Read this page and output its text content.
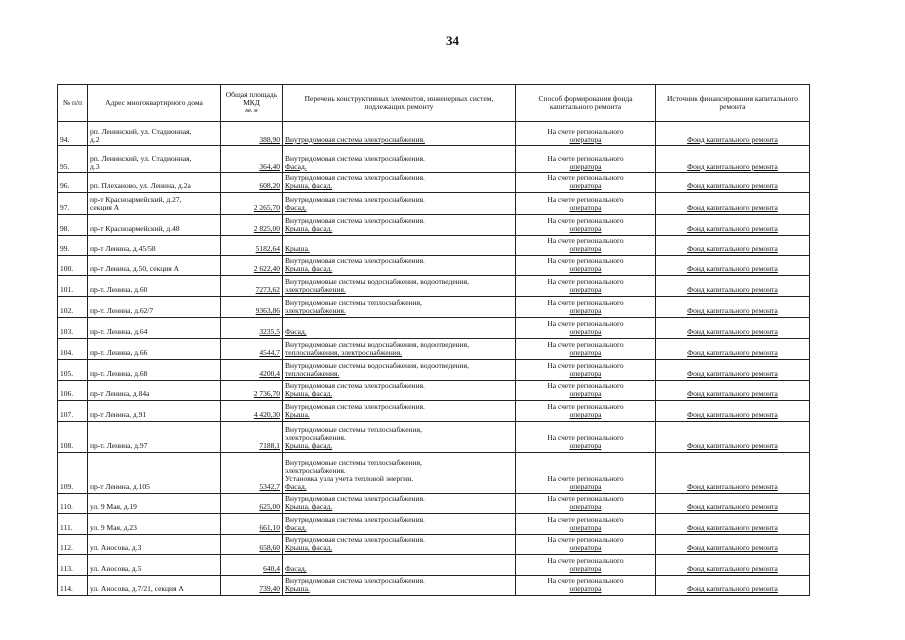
34
№ п/п	Адрес многоквартирного дома	Общая площадь МКД
кв. м	Перечень конструктивных элементов, инженерных систем, подлежащих ремонту	Способ формирования фонда капитального ремонта	Источник финансирования капитального ремонта
94.	рп. Ленинский, ул. Стадионная,
д.2	388,90	Внутридомовая система электроснабжения.	На счете регионального
оператора	Фонд капитального ремонта
95.	рп. Ленинский, ул. Стадионная,
д.3	364,40	Внутридомовая система электроснабжения.
Фасад.	На счете регионального
оператора	Фонд капитального ремонта
96.	рп. Плеханово, ул. Ленина, д.2а	608,20	Внутридомовая система электроснабжения.
Крыша, фасад.	На счете регионального
оператора	Фонд капитального ремонта
97.	пр-т Красноармейский, д.27,
секция А	2 265,70	Внутридомовая система электроснабжения.
Фасад.	На счете регионального
оператора	Фонд капитального ремонта
98.	пр-т Красноармейский, д.48	2 825,00	Внутридомовая система электроснабжения.
Крыша, фасад.	На счете регионального
оператора	Фонд капитального ремонта
99.	пр-т Ленина, д.45/58	5182,64	Крыша.	На счете регионального
оператора	Фонд капитального ремонта
100.	пр-т Ленина, д.50, секция А	2 622,40	Внутридомовая система электроснабжения.
Крыша, фасад.	На счете регионального
оператора	Фонд капитального ремонта
101.	пр-т. Ленина, д.60	7273,62	Внутридомовые системы водоснабжения, водоотведения,
электроснабжения.	На счете регионального
оператора	Фонд капитального ремонта
102.	пр-т. Ленина, д.62/7	9363,86	Внутридомовые системы теплоснабжения,
электроснабжения.	На счете регионального
оператора	Фонд капитального ремонта
103.	пр-т. Ленина, д.64	3235,5	Фасад.	На счете регионального
оператора	Фонд капитального ремонта
104.	пр-т. Ленина, д.66	4544,7	Внутридомовые системы водоснабжения, водоотведения,
теплоснабжения, электроснабжения.	На счете регионального
оператора	Фонд капитального ремонта
105.	пр-т. Ленина, д.68	4200,4	Внутридомовые системы водоснабжения, водоотведения,
теплоснабжения.	На счете регионального
оператора	Фонд капитального ремонта
106.	пр-т Ленина, д.84а	2 736,70	Внутридомовая система электроснабжения.
Крыша, фасад.	На счете регионального
оператора	Фонд капитального ремонта
107.	пр-т Ленина, д.91	4 420,30	Внутридомовая система электроснабжения.
Крыша.	На счете регионального
оператора	Фонд капитального ремонта
108.	пр-т. Ленина, д.97	7188,1	Внутридомовые системы теплоснабжения,
электроснабжения.
Крыша, фасад.	На счете регионального
оператора	Фонд капитального ремонта
109.	пр-т Ленина, д.105	5342,7	Внутридомовые системы теплоснабжения,
электроснабжения.
Установка узла учета тепловой энергии.
Фасад.	На счете регионального
оператора	Фонд капитального ремонта
110.	ул. 9 Мая, д.19	625,00	Внутридомовая система электроснабжения.
Крыша, фасад.	На счете регионального
оператора	Фонд капитального ремонта
111.	ул. 9 Мая, д.23	661,10	Внутридомовая система электроснабжения.
Фасад.	На счете регионального
оператора	Фонд капитального ремонта
112.	ул. Аносова, д.3	658,60	Внутридомовая система электроснабжения.
Крыша, фасад.	На счете регионального
оператора	Фонд капитального ремонта
113.	ул. Аносова, д.5	640,4	Фасад.	На счете регионального
оператора	Фонд капитального ремонта
114.	ул. Аносова, д.7/21, секция А	739,40	Внутридомовая система электроснабжения.
Крыша.	На счете регионального
оператора	Фонд капитального ремонта
